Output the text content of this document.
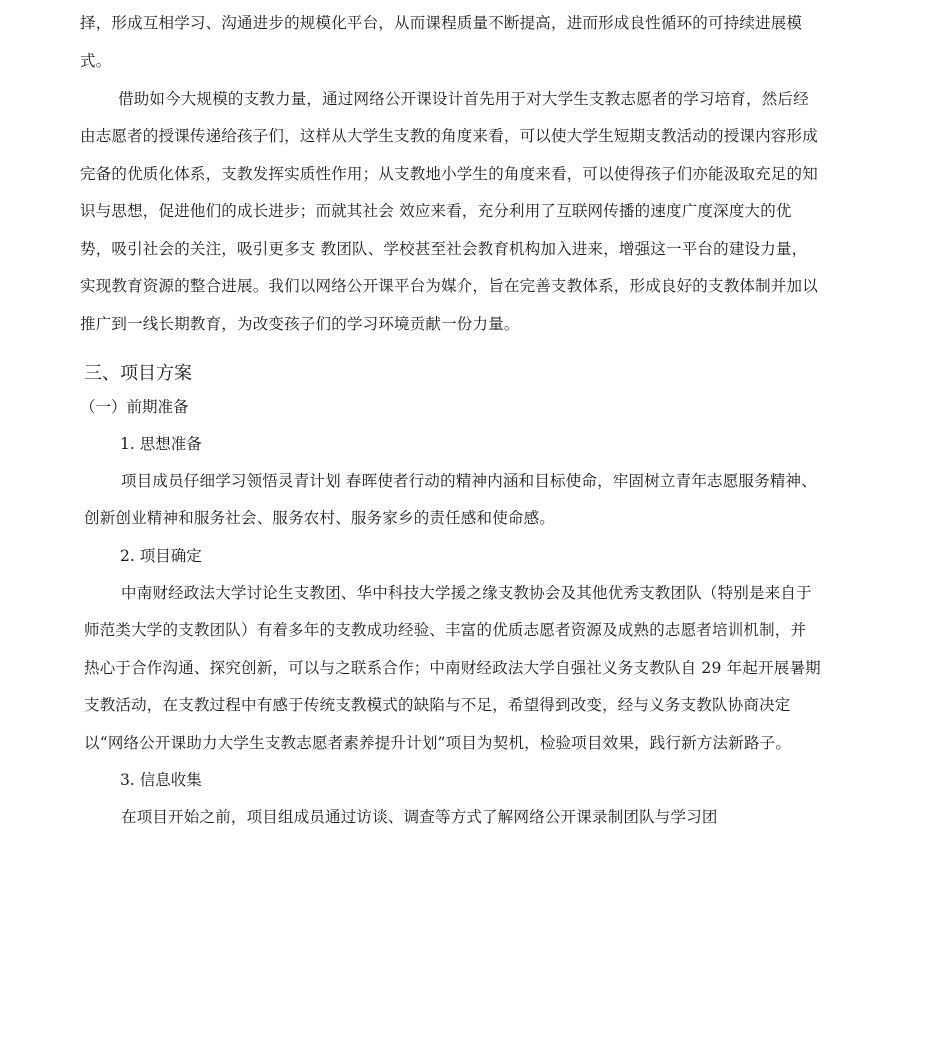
择，形成互相学习、沟通进步的规模化平台，从而课程质量不断提高，进而形成良性循环的可持续进展模
式。
借助如今大规模的支教力量，通过网络公开课设计首先用于对大学生支教志愿者的学习培育，然后经
由志愿者的授课传递给孩子们，这样从大学生支教的角度来看，可以使大学生短期支教活动的授课内容形成
完备的优质化体系，支教发挥实质性作用；从支教地小学生的角度来看，可以使得孩子们亦能汲取充足的知
识与思想，促进他们的成长进步；而就其社会 效应来看，充分利用了互联网传播的速度广度深度大的优
势，吸引社会的关注，吸引更多支 教团队、学校甚至社会教育机构加入进来，增强这一平台的建设力量，
实现教育资源的整合进展。我们以网络公开课平台为媒介，旨在完善支教体系，形成良好的支教体制并加以
推广到一线长期教育，为改变孩子们的学习环境贡献一份力量。
三、项目方案
（一）前期准备
1. 思想准备
项目成员仔细学习领悟灵青计划 春晖使者行动的精神内涵和目标使命，牢固树立青年志愿服务精神、
创新创业精神和服务社会、服务农村、服务家乡的责任感和使命感。
2. 项目确定
中南财经政法大学讨论生支教团、华中科技大学援之缘支教协会及其他优秀支教团队（特别是来自于
师范类大学的支教团队）有着多年的支教成功经验、丰富的优质志愿者资源及成熟的志愿者培训机制，并
热心于合作沟通、探究创新，可以与之联系合作；中南财经政法大学自强社义务支教队自 29 年起开展暑期
支教活动，在支教过程中有感于传统支教模式的缺陷与不足，希望得到改变，经与义务支教队协商决定
以“网络公开课助力大学生支教志愿者素养提升计划”项目为契机，检验项目效果，践行新方法新路子。
3. 信息收集
在项目开始之前，项目组成员通过访谈、调查等方式了解网络公开课录制团队与学习团
